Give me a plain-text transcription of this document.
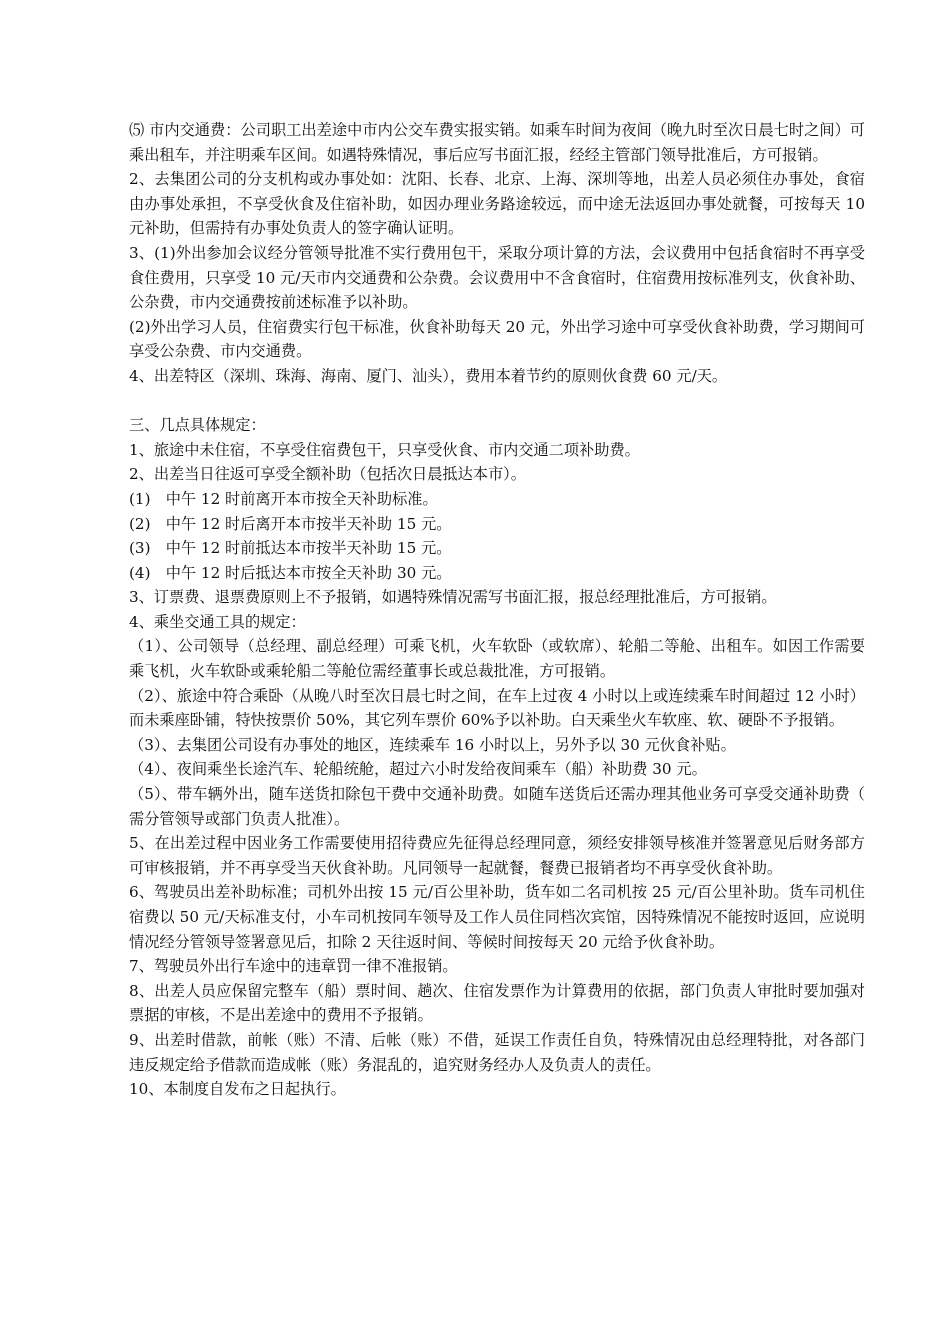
⑸ 市内交通费：公司职工出差途中市内公交车费实报实销。如乘车时间为夜间（晚九时至次日晨七时之间）可乘出租车，并注明乘车区间。如遇特殊情况，事后应写书面汇报，经经主管部门领导批准后，方可报销。

2、去集团公司的分支机构或办事处如：沈阳、长春、北京、上海、深圳等地，出差人员必须住办事处，食宿由办事处承担，不享受伙食及住宿补助，如因办理业务路途较远，而中途无法返回办事处就餐，可按每天 10 元补助，但需持有办事处负责人的签字确认证明。

3、(1)外出参加会议经分管领导批准不实行费用包干，采取分项计算的方法，会议费用中包括食宿时不再享受食住费用，只享受 10 元/天市内交通费和公杂费。会议费用中不含食宿时，住宿费用按标准列支，伙食补助、公杂费，市内交通费按前述标准予以补助。

(2)外出学习人员，住宿费实行包干标准，伙食补助每天 20 元，外出学习途中可享受伙食补助费，学习期间可享受公杂费、市内交通费。

4、出差特区（深圳、珠海、海南、厦门、汕头），费用本着节约的原则伙食费 60 元/天。

三、几点具体规定：

1、旅途中未住宿，不享受住宿费包干，只享受伙食、市内交通二项补助费。

2、出差当日往返可享受全额补助（包括次日晨抵达本市）。

(1)　中午 12 时前离开本市按全天补助标准。

(2)　中午 12 时后离开本市按半天补助 15 元。

(3)　中午 12 时前抵达本市按半天补助 15 元。

(4)　中午 12 时后抵达本市按全天补助 30 元。

3、订票费、退票费原则上不予报销，如遇特殊情况需写书面汇报，报总经理批准后，方可报销。

4、乘坐交通工具的规定：

（1）、公司领导（总经理、副总经理）可乘飞机，火车软卧（或软席）、轮船二等舱、出租车。如因工作需要乘飞机，火车软卧或乘轮船二等舱位需经董事长或总裁批准，方可报销。

（2）、旅途中符合乘卧（从晚八时至次日晨七时之间，在车上过夜 4 小时以上或连续乘车时间超过 12 小时）而未乘座卧铺，特快按票价 50%，其它列车票价 60%予以补助。白天乘坐火车软座、软、硬卧不予报销。

（3）、去集团公司设有办事处的地区，连续乘车 16 小时以上，另外予以 30 元伙食补贴。

（4）、夜间乘坐长途汽车、轮船统舱，超过六小时发给夜间乘车（船）补助费 30 元。

（5）、带车辆外出，随车送货扣除包干费中交通补助费。如随车送货后还需办理其他业务可享受交通补助费（需分管领导或部门负责人批准）。

5、在出差过程中因业务工作需要使用招待费应先征得总经理同意，须经安排领导核准并签署意见后财务部方可审核报销，并不再享受当天伙食补助。凡同领导一起就餐，餐费已报销者均不再享受伙食补助。

6、驾驶员出差补助标准；司机外出按 15 元/百公里补助，货车如二名司机按 25 元/百公里补助。货车司机住宿费以 50 元/天标准支付，小车司机按同车领导及工作人员住同档次宾馆，因特殊情况不能按时返回，应说明情况经分管领导签署意见后，扣除 2 天往返时间、等候时间按每天 20 元给予伙食补助。

7、驾驶员外出行车途中的违章罚一律不准报销。

8、出差人员应保留完整车（船）票时间、趟次、住宿发票作为计算费用的依据，部门负责人审批时要加强对票据的审核，不是出差途中的费用不予报销。

9、出差时借款，前帐（账）不清、后帐（账）不借，延误工作责任自负，特殊情况由总经理特批，对各部门违反规定给予借款而造成帐（账）务混乱的，追究财务经办人及负责人的责任。

10、本制度自发布之日起执行。
